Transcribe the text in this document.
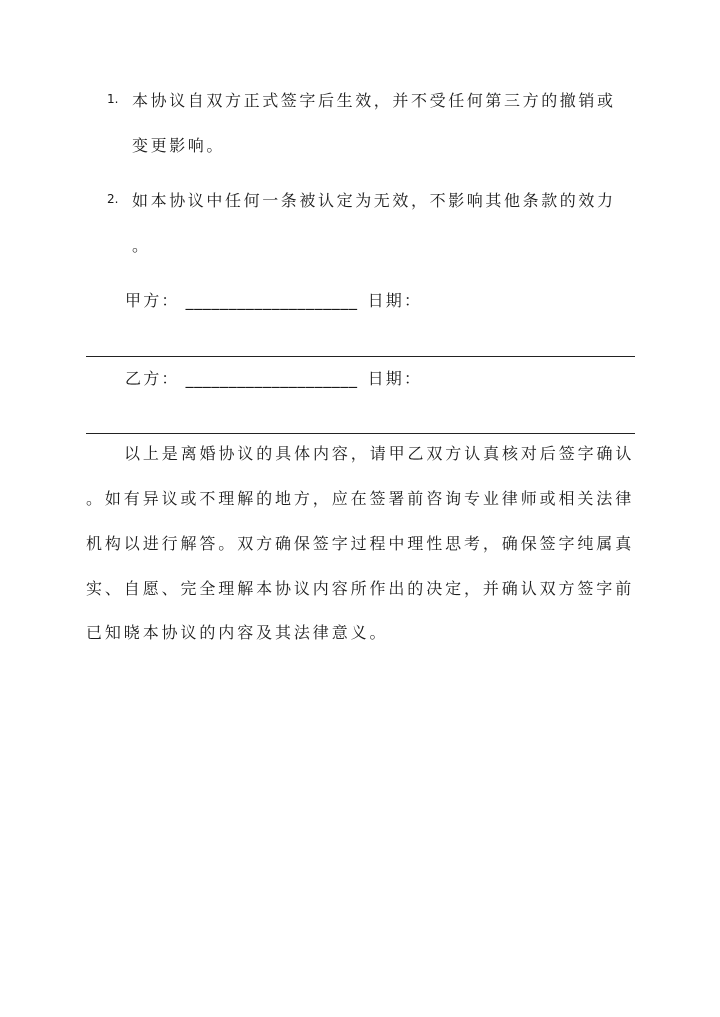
1. 本协议自双方正式签字后生效，并不受任何第三方的撤销或
变更影响。
2. 如本协议中任何一条被认定为无效，不影响其他条款的效力
。
甲方： ____________________ 日期：
乙方： ____________________ 日期：
以上是离婚协议的具体内容，请甲乙双方认真核对后签字确认
。如有异议或不理解的地方，应在签署前咨询专业律师或相关法律
机构以进行解答。双方确保签字过程中理性思考，确保签字纯属真
实、自愿、完全理解本协议内容所作出的决定，并确认双方签字前
已知晓本协议的内容及其法律意义。
